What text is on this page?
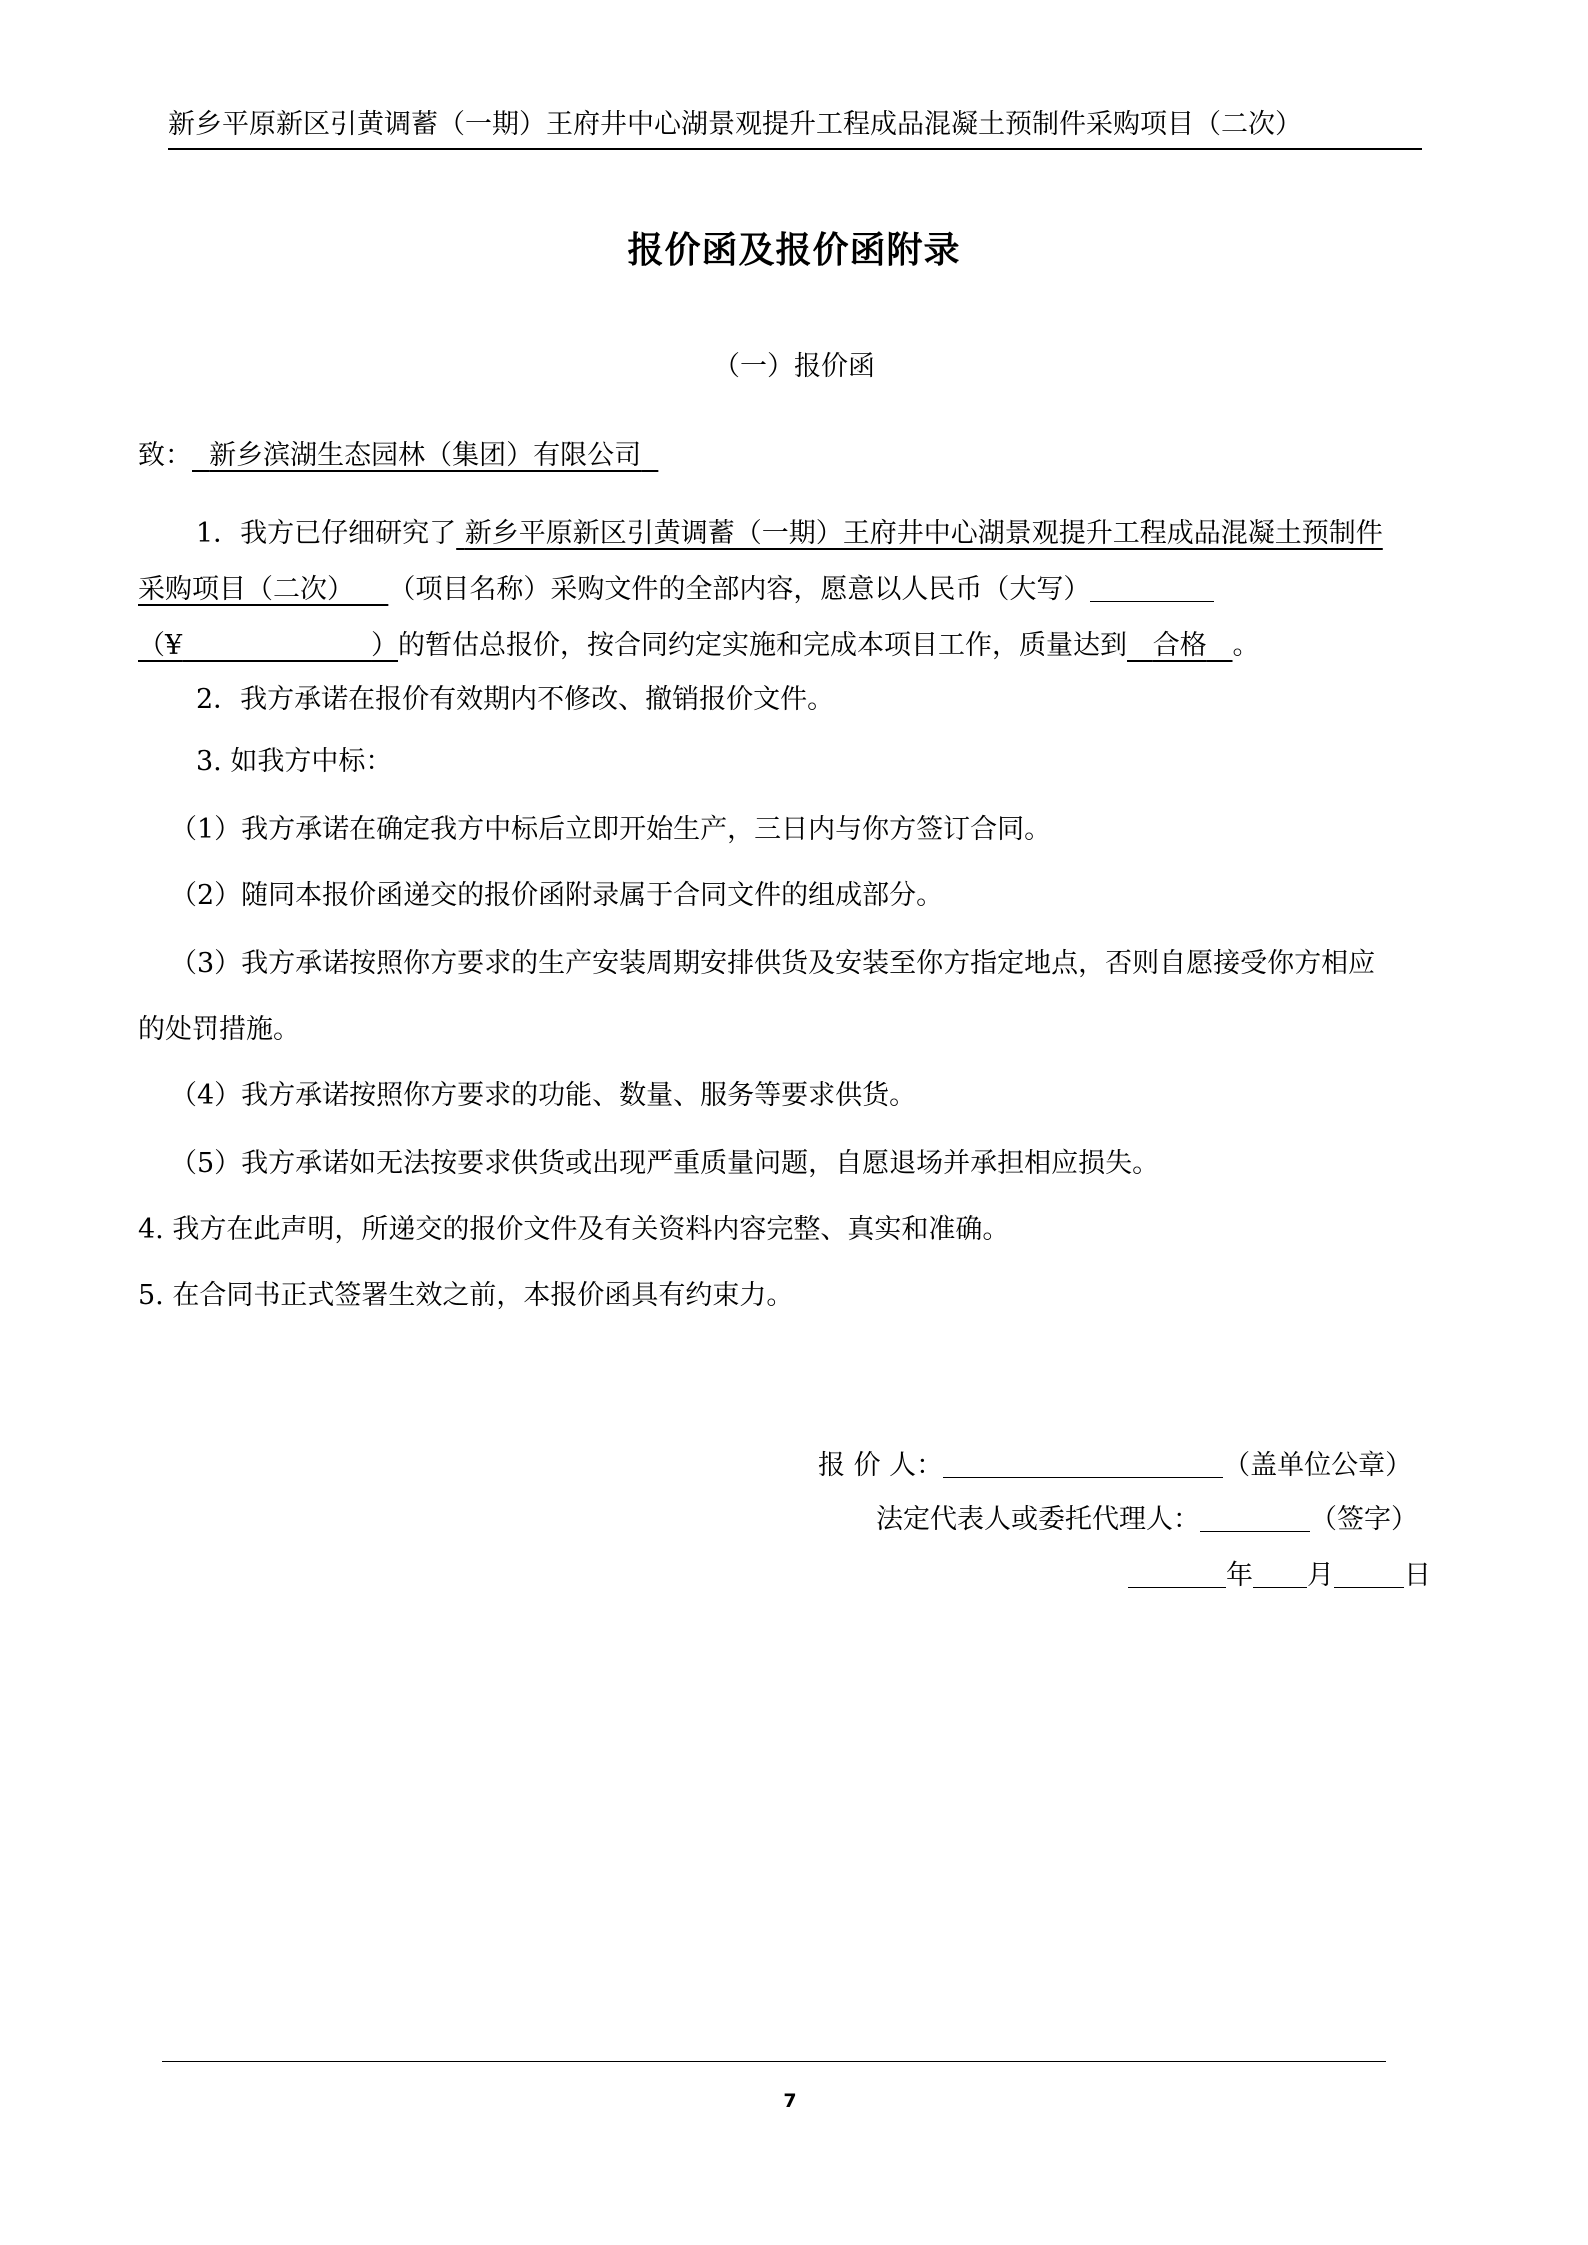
新乡平原新区引黄调蓄（一期）王府井中心湖景观提升工程成品混凝土预制件采购项目（二次）
报价函及报价函附录
（一）报价函
致： 新乡滨湖生态园林（集团）有限公司
1．我方已仔细研究了 新乡平原新区引黄调蓄（一期）王府井中心湖景观提升工程成品混凝土预制件
采购项目（二次） （项目名称）采购文件的全部内容，愿意以人民币（大写）
（¥	）的暂估总报价，按合同约定实施和完成本项目工作，质量达到 合格 。
2．我方承诺在报价有效期内不修改、撤销报价文件。
3. 如我方中标：
（1）我方承诺在确定我方中标后立即开始生产，三日内与你方签订合同。
（2）随同本报价函递交的报价函附录属于合同文件的组成部分。
（3）我方承诺按照你方要求的生产安装周期安排供货及安装至你方指定地点，否则自愿接受你方相应
的处罚措施。
（4）我方承诺按照你方要求的功能、数量、服务等要求供货。
（5）我方承诺如无法按要求供货或出现严重质量问题，自愿退场并承担相应损失。
4. 我方在此声明，所递交的报价文件及有关资料内容完整、真实和准确。
5. 在合同书正式签署生效之前，本报价函具有约束力。
报 价 人：	（盖单位公章）
法定代表人或委托代理人：	（签字）
年 月	日
7
